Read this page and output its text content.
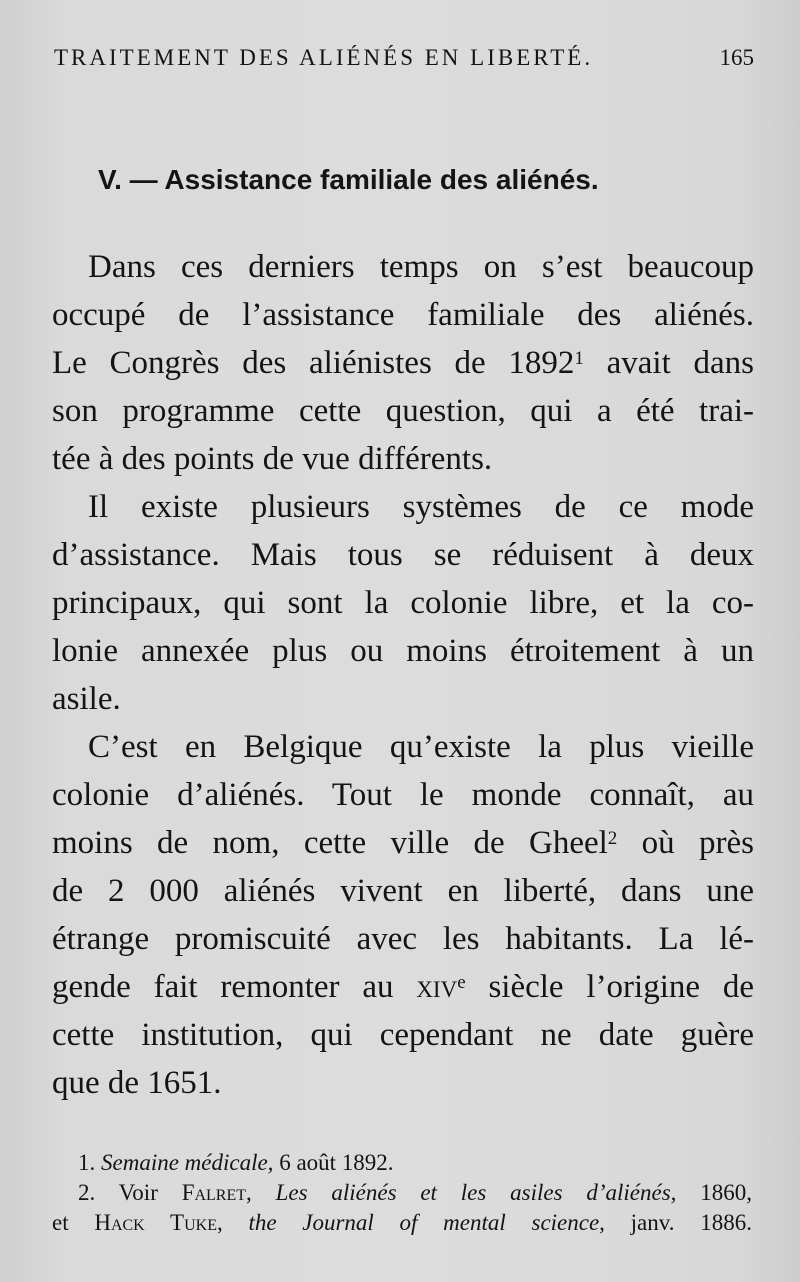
TRAITEMENT DES ALIÉNÉS EN LIBERTÉ.	165
V. — Assistance familiale des aliénés.
Dans ces derniers temps on s’est beaucoup
occupé de l’assistance familiale des aliénés.
Le Congrès des aliénistes de 1892$^1$ avait dans
son programme cette question, qui a été trai-
tée à des points de vue différents.
Il existe plusieurs systèmes de ce mode
d’assistance. Mais tous se réduisent à deux
principaux, qui sont la colonie libre, et la co-
lonie annexée plus ou moins étroitement à un
asile.
C’est en Belgique qu’existe la plus vieille
colonie d’aliénés. Tout le monde connaît, au
moins de nom, cette ville de Gheel$^2$ où près
de 2 000 aliénés vivent en liberté, dans une
étrange promiscuité avec les habitants. La lé-
gende fait remonter au xiv$^e$ siècle l’origine de
cette institution, qui cependant ne date guère
que de 1651.
1. Semaine médicale, 6 août 1892.
2. Voir Falret, Les aliénés et les asiles d’aliénés, 1860,
et Hack Tuke, the Journal of mental science, janv. 1886.
